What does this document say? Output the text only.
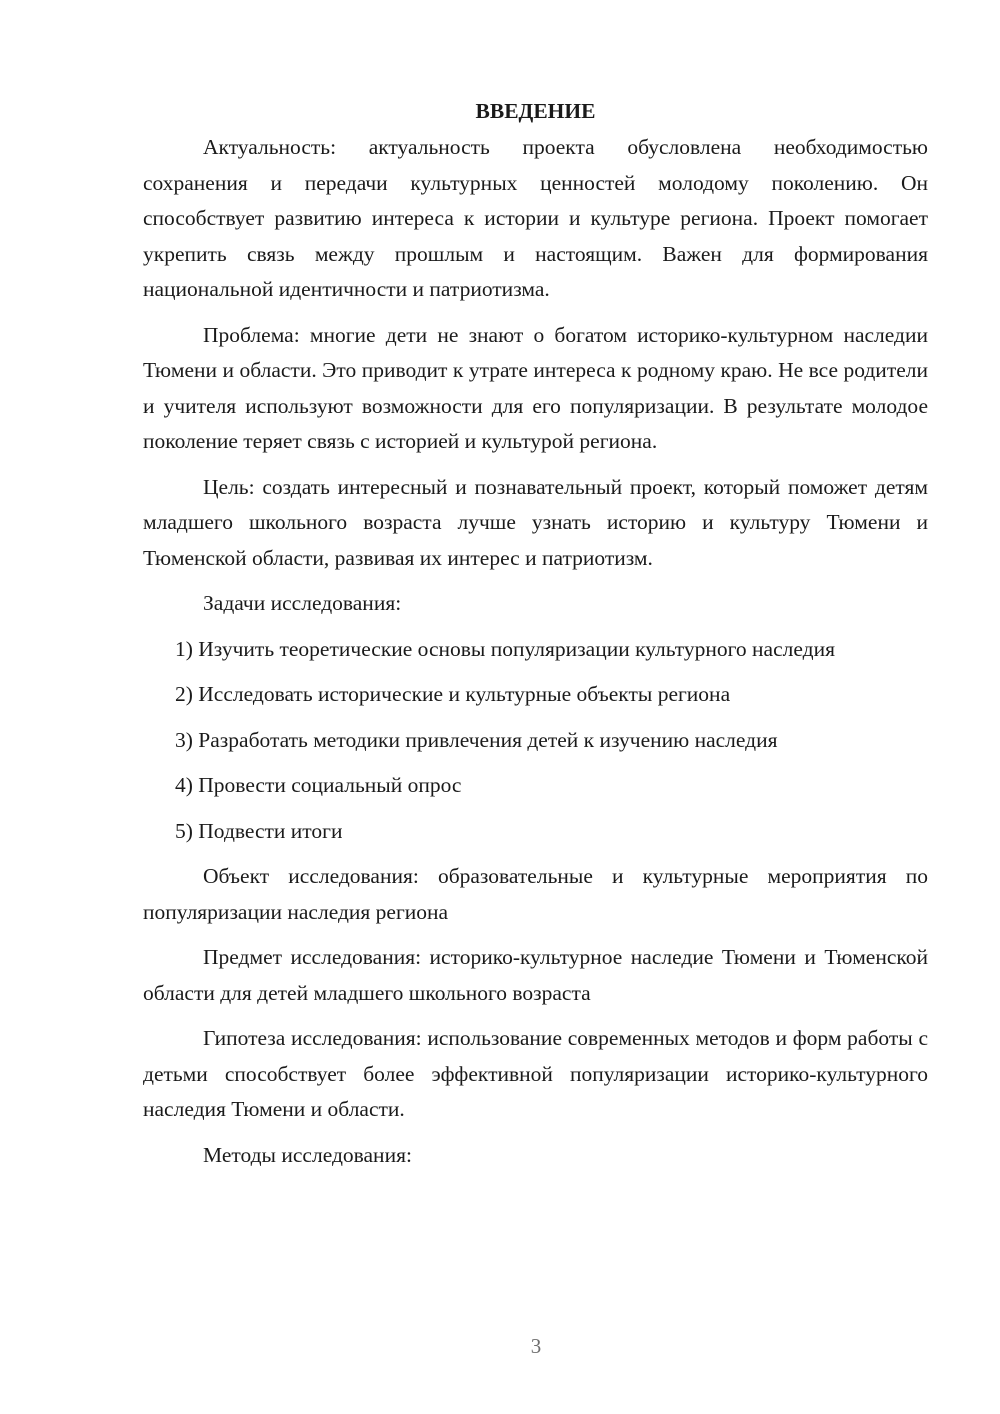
ВВЕДЕНИЕ

Актуальность: актуальность проекта обусловлена необходимостью сохранения и передачи культурных ценностей молодому поколению. Он способствует развитию интереса к истории и культуре региона. Проект помогает укрепить связь между прошлым и настоящим. Важен для формирования национальной идентичности и патриотизма.

Проблема: многие дети не знают о богатом историко-культурном наследии Тюмени и области. Это приводит к утрате интереса к родному краю. Не все родители и учителя используют возможности для его популяризации. В результате молодое поколение теряет связь с историей и культурой региона.

Цель: создать интересный и познавательный проект, который поможет детям младшего школьного возраста лучше узнать историю и культуру Тюмени и Тюменской области, развивая их интерес и патриотизм.

Задачи исследования:

1) Изучить теоретические основы популяризации культурного наследия

2) Исследовать исторические и культурные объекты региона

3) Разработать методики привлечения детей к изучению наследия

4) Провести социальный опрос

5) Подвести итоги

Объект исследования: образовательные и культурные мероприятия по популяризации наследия региона

Предмет исследования: историко-культурное наследие Тюмени и Тюменской области для детей младшего школьного возраста

Гипотеза исследования: использование современных методов и форм работы с детьми способствует более эффективной популяризации историко-культурного наследия Тюмени и области.

Методы исследования:

3
